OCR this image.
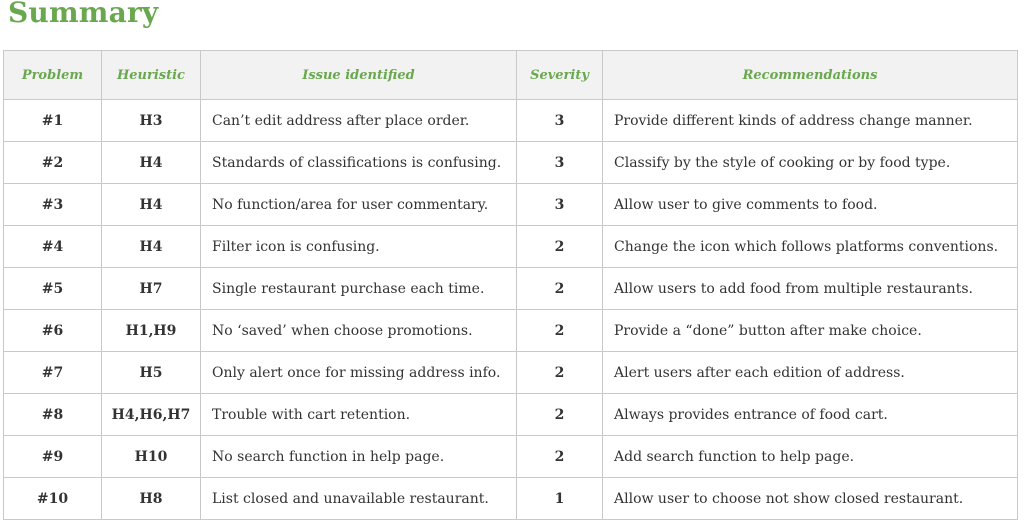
Summary
Problem	Heuristic	Issue identified	Severity	Recommendations
#1	H3	Can’t edit address after place order.	3	Provide different kinds of address change manner.
#2	H4	Standards of classifications is confusing.	3	Classify by the style of cooking or by food type.
#3	H4	No function/area for user commentary.	3	Allow user to give comments to food.
#4	H4	Filter icon is confusing.	2	Change the icon which follows platforms conventions.
#5	H7	Single restaurant purchase each time.	2	Allow users to add food from multiple restaurants.
#6	H1,H9	No ‘saved’ when choose promotions.	2	Provide a “done” button after make choice.
#7	H5	Only alert once for missing address info.	2	Alert users after each edition of address.
#8	H4,H6,H7	Trouble with cart retention.	2	Always provides entrance of food cart.
#9	H10	No search function in help page.	2	Add search function to help page.
#10	H8	List closed and unavailable restaurant.	1	Allow user to choose not show closed restaurant.
